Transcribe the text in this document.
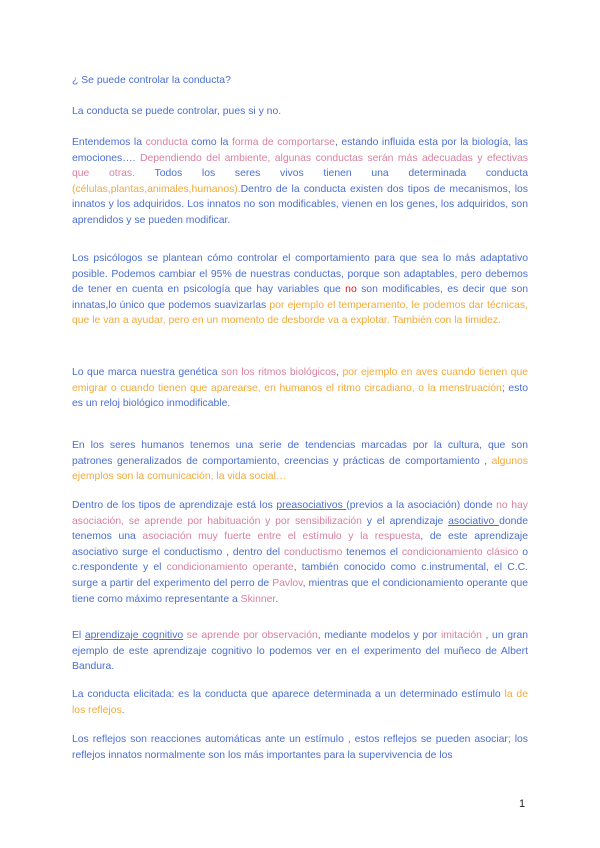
¿ Se puede controlar la conducta?

La conducta se puede controlar, pues si y no.

Entendemos la conducta como la forma de comportarse, estando influida esta por la biología, las emociones…. Dependiendo del ambiente, algunas conductas serán más adecuadas y efectivas que otras. Todos los seres vivos tienen una determinada conducta (células,plantas,animales,humanos).Dentro de la conducta existen dos tipos de mecanismos, los innatos y los adquiridos. Los innatos no son modificables, vienen en los genes, los adquiridos, son aprendidos y se pueden modificar.

Los psicólogos se plantean cómo controlar el comportamiento para que sea lo más adaptativo posible. Podemos cambiar el 95% de nuestras conductas, porque son adaptables, pero debemos de tener en cuenta en psicología que hay variables que no son modificables, es decir que son innatas,lo único que podemos suavizarlas por ejemplo el temperamento, le podemos dar técnicas, que le van a ayudar, pero en un momento de desborde va a explotar. También con la timidez.

Lo que marca nuestra genética son los ritmos biológicos, por ejemplo en aves cuando tienen que emigrar o cuando tienen que aparearse, en humanos el ritmo circadiano, o la menstruación; esto es un reloj biológico inmodificable.

En los seres humanos tenemos una serie de tendencias marcadas por la cultura, que son patrones generalizados de comportamiento, creencias y prácticas de comportamiento , algunos ejemplos son la comunicación, la vida social…

Dentro de los tipos de aprendizaje está los preasociativos (previos a la asociación) donde no hay asociación, se aprende por habituación y por sensibilización y el aprendizaje asociativo donde tenemos una asociación muy fuerte entre el estímulo y la respuesta, de este aprendizaje asociativo surge el conductismo , dentro del conductismo tenemos el condicionamiento clásico o c.respondente y el condicionamiento operante, también conocido como c.instrumental, el C.C. surge a partir del experimento del perro de Pavlov, mientras que el condicionamiento operante que tiene como máximo representante a Skinner.

El aprendizaje cognitivo se aprende por observación, mediante modelos y por imitación , un gran ejemplo de este aprendizaje cognitivo lo podemos ver en el experimento del muñeco de Albert Bandura.

La conducta elicitada: es la conducta que aparece determinada a un determinado estímulo la de los reflejos.

Los reflejos son reacciones automáticas ante un estímulo , estos reflejos se pueden asociar; los reflejos innatos normalmente son los más importantes para la supervivencia de los

1
